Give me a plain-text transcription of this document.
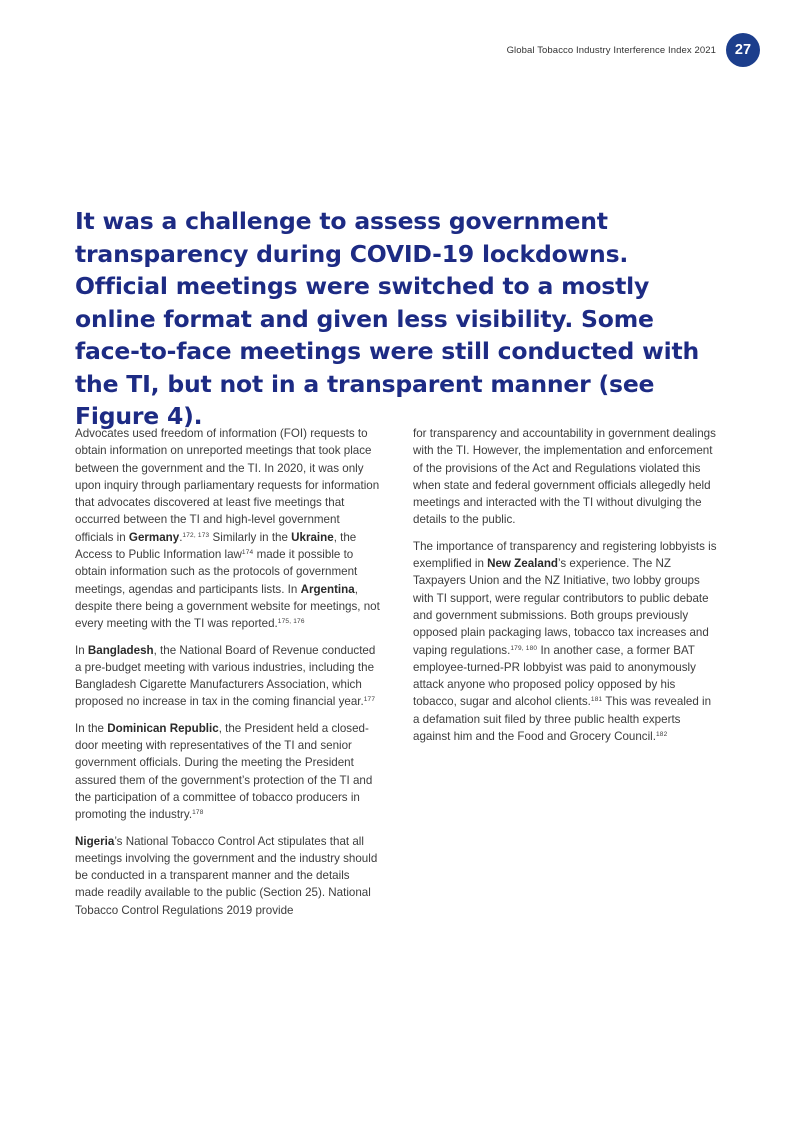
Global Tobacco Industry Interference Index 2021	27
It was a challenge to assess government transparency during COVID-19 lockdowns. Official meetings were switched to a mostly online format and given less visibility. Some face-to-face meetings were still conducted with the TI, but not in a transparent manner (see Figure 4).

Advocates used freedom of information (FOI) requests to obtain information on unreported meetings that took place between the government and the TI. In 2020, it was only upon inquiry through parliamentary requests for information that advocates discovered at least five meetings that occurred between the TI and high-level government officials in Germany.$^{172, 173}$ Similarly in the Ukraine, the Access to Public Information law$^{174}$ made it possible to obtain information such as the protocols of government meetings, agendas and participants lists. In Argentina, despite there being a government website for meetings, not every meeting with the TI was reported.$^{175, 176}$

In Bangladesh, the National Board of Revenue conducted a pre-budget meeting with various industries, including the Bangladesh Cigarette Manufacturers Association, which proposed no increase in tax in the coming financial year.$^{177}$

In the Dominican Republic, the President held a closed-door meeting with representatives of the TI and senior government officials. During the meeting the President assured them of the government’s protection of the TI and the participation of a committee of tobacco producers in promoting the industry.$^{178}$

Nigeria’s National Tobacco Control Act stipulates that all meetings involving the government and the industry should be conducted in a transparent manner and the details made readily available to the public (Section 25). National Tobacco Control Regulations 2019 provide

for transparency and accountability in government dealings with the TI. However, the implementation and enforcement of the provisions of the Act and Regulations violated this when state and federal government officials allegedly held meetings and interacted with the TI without divulging the details to the public.

The importance of transparency and registering lobbyists is exemplified in New Zealand’s experience. The NZ Taxpayers Union and the NZ Initiative, two lobby groups with TI support, were regular contributors to public debate and government submissions. Both groups previously opposed plain packaging laws, tobacco tax increases and vaping regulations.$^{179, 180}$ In another case, a former BAT employee-turned-PR lobbyist was paid to anonymously attack anyone who proposed policy opposed by his tobacco, sugar and alcohol clients.$^{181}$ This was revealed in a defamation suit filed by three public health experts against him and the Food and Grocery Council.$^{182}$
